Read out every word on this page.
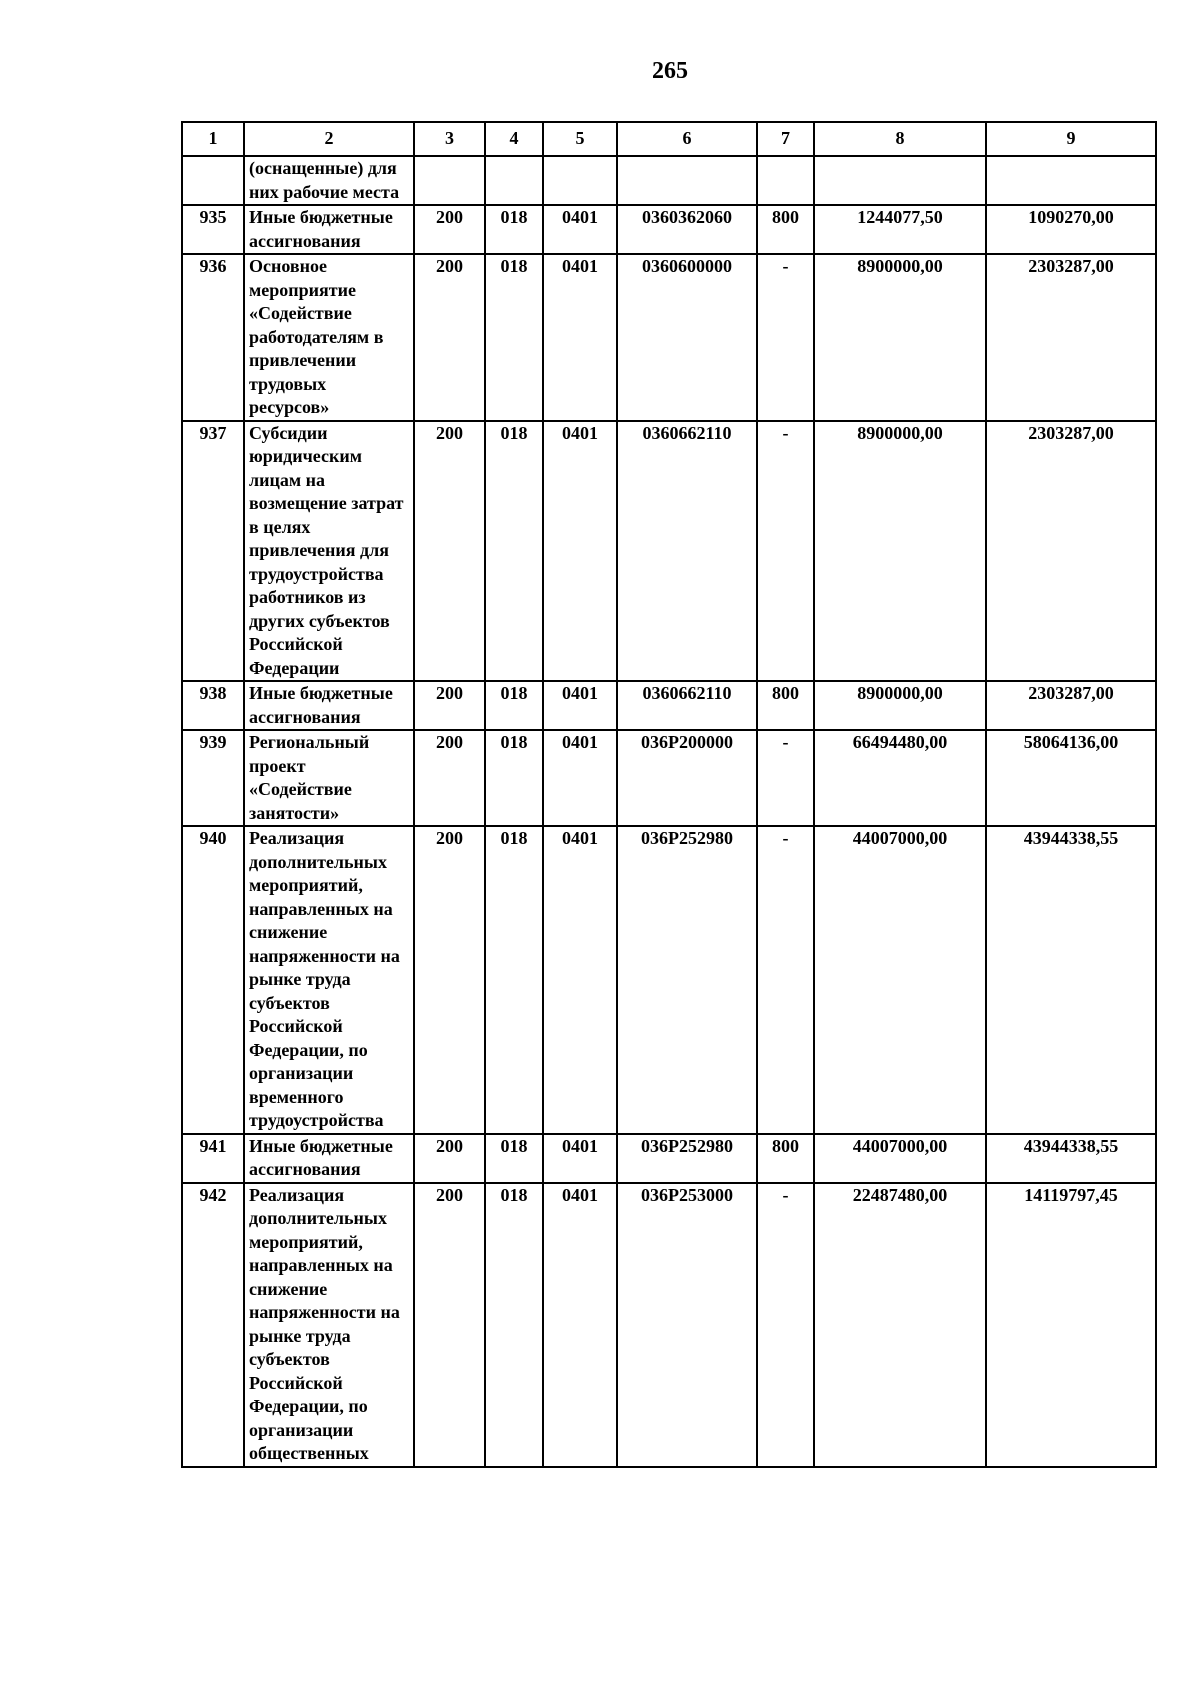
265
1	2	3	4	5	6	7	8	9
	(оснащенные) для них рабочие места							
935	Иные бюджетные ассигнования	200	018	0401	0360362060	800	1244077,50	1090270,00
936	Основное мероприятие «Содействие работодателям в привлечении трудовых ресурсов»	200	018	0401	0360600000	-	8900000,00	2303287,00
937	Субсидии юридическим лицам на возмещение затрат в целях привлечения для трудоустройства работников из других субъектов Российской Федерации	200	018	0401	0360662110	-	8900000,00	2303287,00
938	Иные бюджетные ассигнования	200	018	0401	0360662110	800	8900000,00	2303287,00
939	Региональный проект «Содействие занятости»	200	018	0401	036P200000	-	66494480,00	58064136,00
940	Реализация дополнительных мероприятий, направленных на снижение напряженности на рынке труда субъектов Российской Федерации, по организации временного трудоустройства	200	018	0401	036P252980	-	44007000,00	43944338,55
941	Иные бюджетные ассигнования	200	018	0401	036P252980	800	44007000,00	43944338,55
942	Реализация дополнительных мероприятий, направленных на снижение напряженности на рынке труда субъектов Российской Федерации, по организации общественных	200	018	0401	036P253000	-	22487480,00	14119797,45
